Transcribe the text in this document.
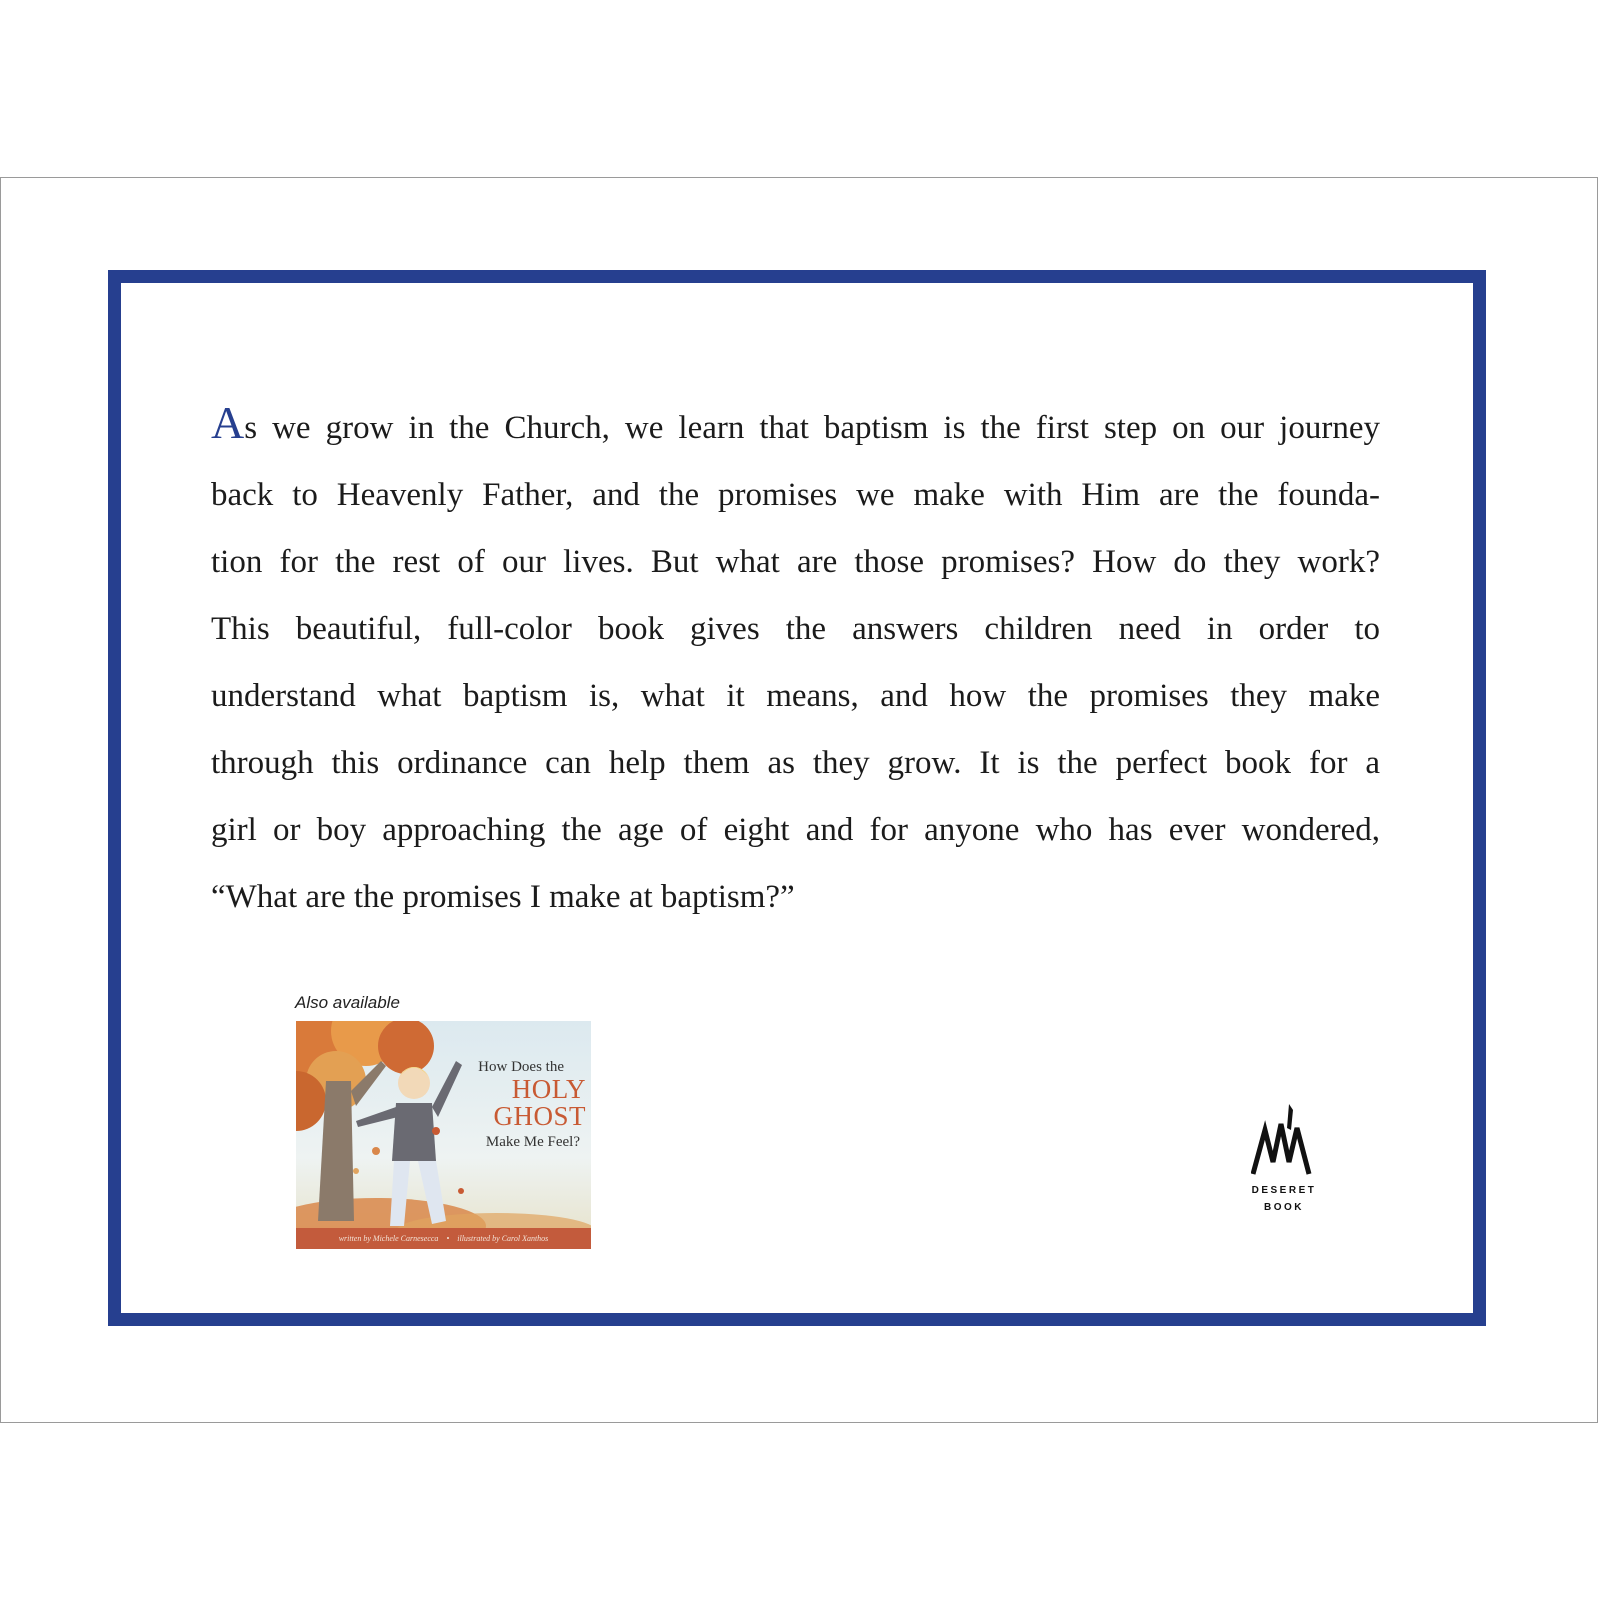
As we grow in the Church, we learn that baptism is the first step on our journey
back to Heavenly Father, and the promises we make with Him are the founda-
tion for the rest of our lives. But what are those promises? How do they work?
This beautiful, full-color book gives the answers children need in order to
understand what baptism is, what it means, and how the promises they make
through this ordinance can help them as they grow. It is the perfect book for a
girl or boy approaching the age of eight and for anyone who has ever wondered,
“What are the promises I make at baptism?”
Also available
How Does the
HOLY
GHOST
Make Me Feel?
written by Michele Carnesecca • illustrated by Carol Xanthos
DESERET
BOOK
